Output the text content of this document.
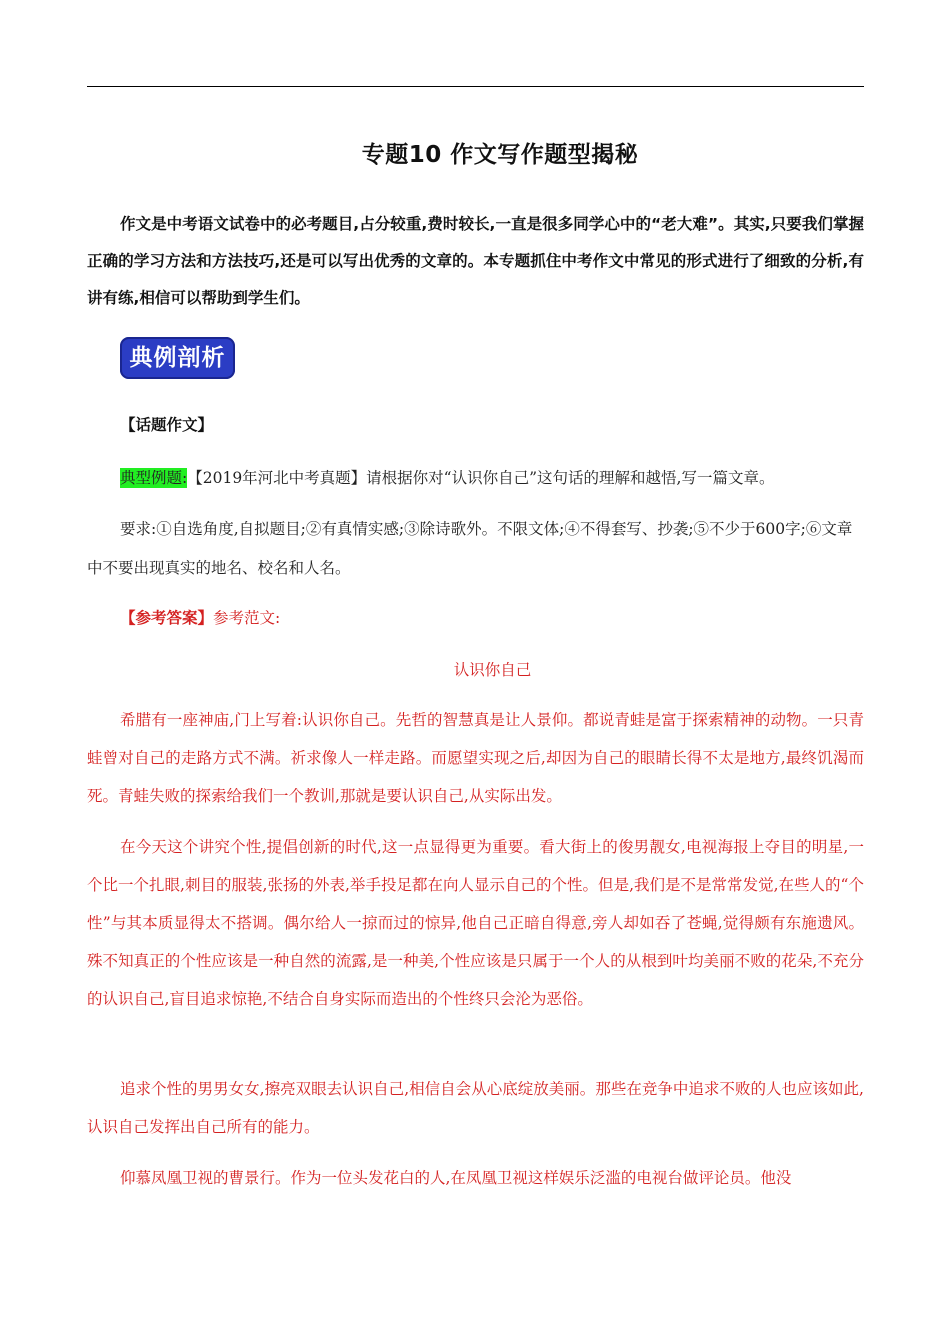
专题10 作文写作题型揭秘
作文是中考语文试卷中的必考题目,占分较重,费时较长,一直是很多同学心中的“老大难”。其实,只要我们掌握正确的学习方法和方法技巧,还是可以写出优秀的文章的。本专题抓住中考作文中常见的形式进行了细致的分析,有讲有练,相信可以帮助到学生们。
典例剖析
【话题作文】
典型例题:【2019年河北中考真题】请根据你对“认识你自己”这句话的理解和越悟,写一篇文章。
要求:①自选角度,自拟题目;②有真情实感;③除诗歌外。不限文体;④不得套写、抄袭;⑤不少于600字;⑥文章中不要出现真实的地名、校名和人名。
【参考答案】参考范文:
认识你自己
希腊有一座神庙,门上写着:认识你自己。先哲的智慧真是让人景仰。都说青蛙是富于探索精神的动物。一只青蛙曾对自己的走路方式不满。祈求像人一样走路。而愿望实现之后,却因为自己的眼睛长得不太是地方,最终饥渴而死。青蛙失败的探索给我们一个教训,那就是要认识自己,从实际出发。
在今天这个讲究个性,提倡创新的时代,这一点显得更为重要。看大街上的俊男靓女,电视海报上夺目的明星,一个比一个扎眼,刺目的服装,张扬的外表,举手投足都在向人显示自己的个性。但是,我们是不是常常发觉,在些人的“个性”与其本质显得太不搭调。偶尔给人一掠而过的惊异,他自己正暗自得意,旁人却如吞了苍蝇,觉得颇有东施遗风。殊不知真正的个性应该是一种自然的流露,是一种美,个性应该是只属于一个人的从根到叶均美丽不败的花朵,不充分的认识自己,盲目追求惊艳,不结合自身实际而造出的个性终只会沦为恶俗。
追求个性的男男女女,擦亮双眼去认识自己,相信自会从心底绽放美丽。那些在竞争中追求不败的人也应该如此,认识自己发挥出自己所有的能力。
仰慕凤凰卫视的曹景行。作为一位头发花白的人,在凤凰卫视这样娱乐泛滥的电视台做评论员。他没
